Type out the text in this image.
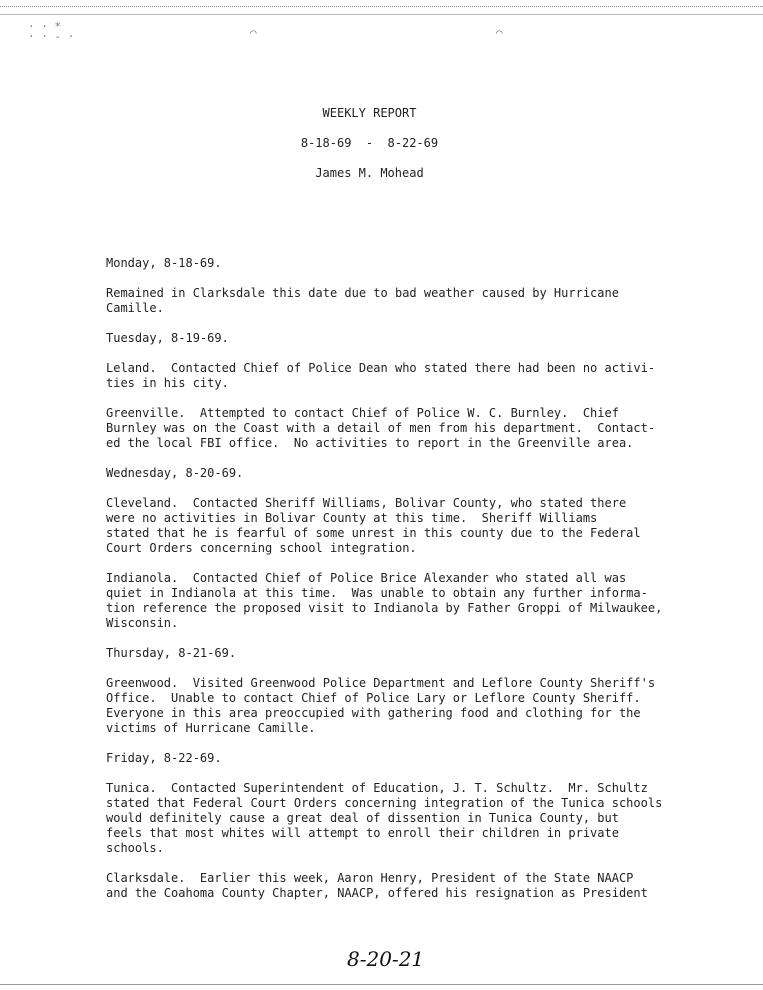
· · *
· · - ·	⌒	⌒
WEEKLY REPORT
8-18-69  -  8-22-69
James M. Mohead
Monday, 8-18-69.
Remained in Clarksdale this date due to bad weather caused by Hurricane
Camille.
Tuesday, 8-19-69.
Leland.  Contacted Chief of Police Dean who stated there had been no activi-
ties in his city.
Greenville.  Attempted to contact Chief of Police W. C. Burnley.  Chief
Burnley was on the Coast with a detail of men from his department.  Contact-
ed the local FBI office.  No activities to report in the Greenville area.
Wednesday, 8-20-69.
Cleveland.  Contacted Sheriff Williams, Bolivar County, who stated there
were no activities in Bolivar County at this time.  Sheriff Williams
stated that he is fearful of some unrest in this county due to the Federal
Court Orders concerning school integration.
Indianola.  Contacted Chief of Police Brice Alexander who stated all was
quiet in Indianola at this time.  Was unable to obtain any further informa-
tion reference the proposed visit to Indianola by Father Groppi of Milwaukee,
Wisconsin.
Thursday, 8-21-69.
Greenwood.  Visited Greenwood Police Department and Leflore County Sheriff's
Office.  Unable to contact Chief of Police Lary or Leflore County Sheriff.
Everyone in this area preoccupied with gathering food and clothing for the
victims of Hurricane Camille.
Friday, 8-22-69.
Tunica.  Contacted Superintendent of Education, J. T. Schultz.  Mr. Schultz
stated that Federal Court Orders concerning integration of the Tunica schools
would definitely cause a great deal of dissention in Tunica County, but
feels that most whites will attempt to enroll their children in private
schools.
Clarksdale.  Earlier this week, Aaron Henry, President of the State NAACP
and the Coahoma County Chapter, NAACP, offered his resignation as President
8-20-21
